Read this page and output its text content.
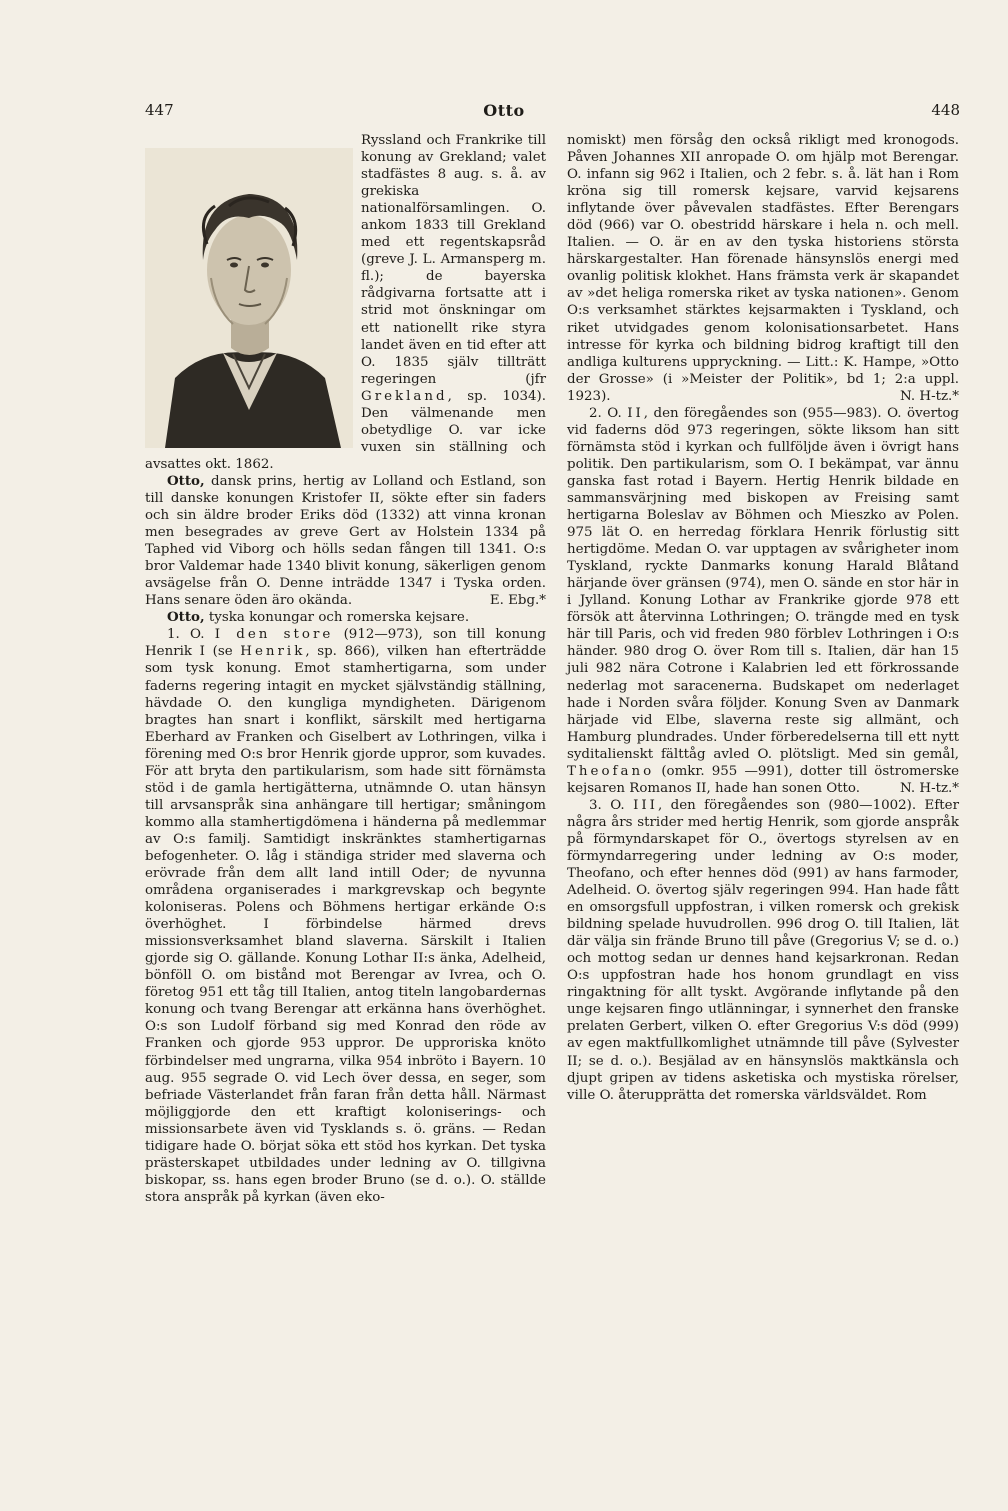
447	Otto	448

Ryssland och Frankrike till konung av Grekland; valet stadfästes 8 aug. s. å. av grekiska nationalförsamlingen. O. ankom 1833 till Grekland med ett regentskapsråd (greve J. L. Armansperg m. fl.); de bayerska rådgivarna fortsatte att i strid mot önskningar om ett nationellt rike styra landet även en tid efter att O. 1835 själv tillträtt regeringen (jfr Grekland, sp. 1034). Den välmenande men obetydlige O. var icke vuxen sin ställning och avsattes okt. 1862.

Otto, dansk prins, hertig av Lolland och Estland, son till danske konungen Kristofer II, sökte efter sin faders och sin äldre broder Eriks död (1332) att vinna kronan men besegrades av greve Gert av Holstein 1334 på Taphed vid Viborg och hölls sedan fången till 1341. O:s bror Valdemar hade 1340 blivit konung, säkerligen genom avsägelse från O. Denne inträdde 1347 i Tyska orden. Hans senare öden äro okända.	E. Ebg.*

Otto, tyska konungar och romerska kejsare.

1. O. I den store (912—973), son till konung Henrik I (se Henrik, sp. 866), vilken han efterträdde som tysk konung. Emot stamhertigarna, som under faderns regering intagit en mycket självständig ställning, hävdade O. den kungliga myndigheten. Därigenom bragtes han snart i konflikt, särskilt med hertigarna Eberhard av Franken och Giselbert av Lothringen, vilka i förening med O:s bror Henrik gjorde uppror, som kuvades. För att bryta den partikularism, som hade sitt förnämsta stöd i de gamla hertigätterna, utnämnde O. utan hänsyn till arvsanspråk sina anhängare till hertigar; småningom kommo alla stamhertigdömena i händerna på medlemmar av O:s familj. Samtidigt inskränktes stamhertigarnas befogenheter. O. låg i ständiga strider med slaverna och erövrade från dem allt land intill Oder; de nyvunna områdena organiserades i markgrevskap och begynte koloniseras. Polens och Böhmens hertigar erkände O:s överhöghet. I förbindelse härmed drevs missionsverksamhet bland slaverna. Särskilt i Italien gjorde sig O. gällande. Konung Lothar II:s änka, Adelheid, bönföll O. om bistånd mot Berengar av Ivrea, och O. företog 951 ett tåg till Italien, antog titeln langobardernas konung och tvang Berengar att erkänna hans överhöghet. O:s son Ludolf förband sig med Konrad den röde av Franken och gjorde 953 uppror. De upproriska knöto förbindelser med ungrarna, vilka 954 inbröto i Bayern. 10 aug. 955 segrade O. vid Lech över dessa, en seger, som befriade Västerlandet från faran från detta håll. Närmast möjliggjorde den ett kraftigt koloniserings- och missionsarbete även vid Tysklands s. ö. gräns. — Redan tidigare hade O. börjat söka ett stöd hos kyrkan. Det tyska prästerskapet utbildades under ledning av O. tillgivna biskopar, ss. hans egen broder Bruno (se d. o.). O. ställde stora anspråk på kyrkan (även eko-

nomiskt) men försåg den också rikligt med kronogods. Påven Johannes XII anropade O. om hjälp mot Berengar. O. infann sig 962 i Italien, och 2 febr. s. å. lät han i Rom kröna sig till romersk kejsare, varvid kejsarens inflytande över påvevalen stadfästes. Efter Berengars död (966) var O. obestridd härskare i hela n. och mell. Italien. — O. är en av den tyska historiens största härskargestalter. Han förenade hänsynslös energi med ovanlig politisk klokhet. Hans främsta verk är skapandet av »det heliga romerska riket av tyska nationen». Genom O:s verksamhet stärktes kejsarmakten i Tyskland, och riket utvidgades genom kolonisationsarbetet. Hans intresse för kyrka och bildning bidrog kraftigt till den andliga kulturens uppryckning. — Litt.: K. Hampe, »Otto der Grosse» (i »Meister der Politik», bd 1; 2:a uppl. 1923).	N. H-tz.*

2. O. II, den föregåendes son (955—983). O. övertog vid faderns död 973 regeringen, sökte liksom han sitt förnämsta stöd i kyrkan och fullföljde även i övrigt hans politik. Den partikularism, som O. I bekämpat, var ännu ganska fast rotad i Bayern. Hertig Henrik bildade en sammansvärjning med biskopen av Freising samt hertigarna Boleslav av Böhmen och Mieszko av Polen. 975 lät O. en herredag förklara Henrik förlustig sitt hertigdöme. Medan O. var upptagen av svårigheter inom Tyskland, ryckte Danmarks konung Harald Blåtand härjande över gränsen (974), men O. sände en stor här in i Jylland. Konung Lothar av Frankrike gjorde 978 ett försök att återvinna Lothringen; O. trängde med en tysk här till Paris, och vid freden 980 förblev Lothringen i O:s händer. 980 drog O. över Rom till s. Italien, där han 15 juli 982 nära Cotrone i Kalabrien led ett förkrossande nederlag mot saracenerna. Budskapet om nederlaget hade i Norden svåra följder. Konung Sven av Danmark härjade vid Elbe, slaverna reste sig allmänt, och Hamburg plundrades. Under förberedelserna till ett nytt syditalienskt fälttåg avled O. plötsligt. Med sin gemål, Theofano (omkr. 955 —991), dotter till östromerske kejsaren Romanos II, hade han sonen Otto.	N. H-tz.*

3. O. III, den föregåendes son (980—1002). Efter några års strider med hertig Henrik, som gjorde anspråk på förmyndarskapet för O., övertogs styrelsen av en förmyndarregering under ledning av O:s moder, Theofano, och efter hennes död (991) av hans farmoder, Adelheid. O. övertog själv regeringen 994. Han hade fått en omsorgsfull uppfostran, i vilken romersk och grekisk bildning spelade huvudrollen. 996 drog O. till Italien, lät där välja sin frände Bruno till påve (Gregorius V; se d. o.) och mottog sedan ur dennes hand kejsarkronan. Redan O:s uppfostran hade hos honom grundlagt en viss ringaktning för allt tyskt. Avgörande inflytande på den unge kejsaren fingo utlänningar, i synnerhet den franske prelaten Gerbert, vilken O. efter Gregorius V:s död (999) av egen maktfullkomlighet utnämnde till påve (Sylvester II; se d. o.). Besjälad av en hänsynslös maktkänsla och djupt gripen av tidens asketiska och mystiska rörelser, ville O. återupprätta det romerska världsväldet. Rom
